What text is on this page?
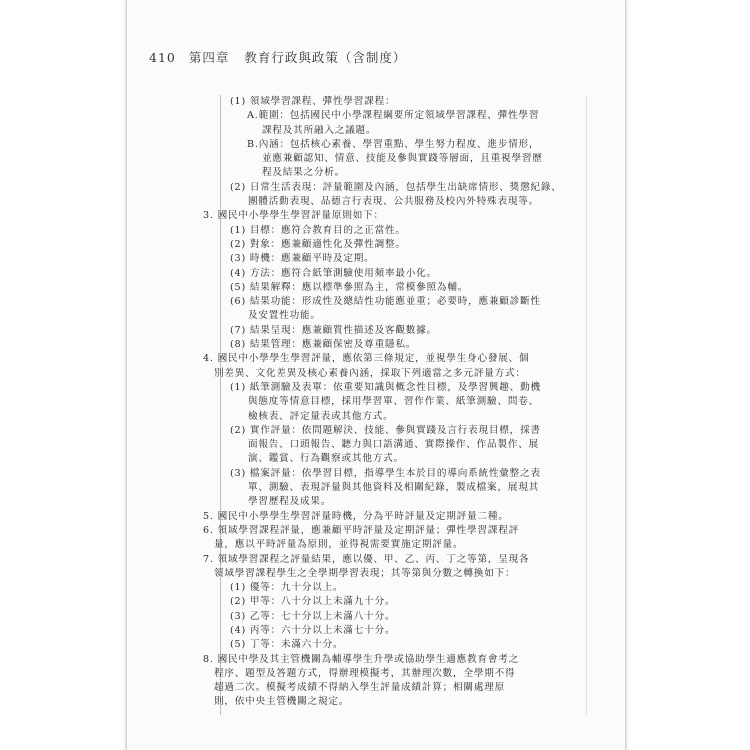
410 第四章 教育行政與政策（含制度）
(1) 領域學習課程、彈性學習課程：
A.範圍：包括國民中小學課程綱要所定領域學習課程、彈性學習
課程及其所融入之議題。
B.內涵：包括核心素養、學習重點、學生努力程度、進步情形，
並應兼顧認知、情意、技能及參與實踐等層面，且重視學習歷
程及結果之分析。
(2) 日常生活表現：評量範圍及內涵，包括學生出缺席情形、獎懲紀錄、
團體活動表現、品德言行表現、公共服務及校內外特殊表現等。
3. 國民中小學學生學習評量原則如下：
(1) 目標：應符合教育目的之正當性。
(2) 對象：應兼顧適性化及彈性調整。
(3) 時機：應兼顧平時及定期。
(4) 方法：應符合紙筆測驗使用頻率最小化。
(5) 結果解釋：應以標準參照為主，常模參照為輔。
(6) 結果功能：形成性及總結性功能應並重；必要時，應兼顧診斷性
及安置性功能。
(7) 結果呈現：應兼顧質性描述及客觀數據。
(8) 結果管理：應兼顧保密及尊重隱私。
4. 國民中小學學生學習評量，應依第三條規定，並視學生身心發展、個
別差異、文化差異及核心素養內涵，採取下列適當之多元評量方式：
(1) 紙筆測驗及表單：依重要知識與概念性目標，及學習興趣、動機
與態度等情意目標，採用學習單、習作作業、紙筆測驗、問卷、
檢核表、評定量表或其他方式。
(2) 實作評量：依問題解決、技能、參與實踐及言行表現目標，採書
面報告、口頭報告、聽力與口語溝通、實際操作、作品製作、展
演、鑑賞、行為觀察或其他方式。
(3) 檔案評量：依學習目標，指導學生本於目的導向系統性彙整之表
單、測驗、表現評量與其他資料及相關紀錄，製成檔案，展現其
學習歷程及成果。
5. 國民中小學學生學習評量時機，分為平時評量及定期評量二種。
6. 領域學習課程評量，應兼顧平時評量及定期評量；彈性學習課程評
量，應以平時評量為原則，並得視需要實施定期評量。
7. 領域學習課程之評量結果，應以優、甲、乙、丙、丁之等第，呈現各
領域學習課程學生之全學期學習表現；其等第與分數之轉換如下：
(1) 優等：九十分以上。
(2) 甲等：八十分以上未滿九十分。
(3) 乙等：七十分以上未滿八十分。
(4) 丙等：六十分以上未滿七十分。
(5) 丁等：未滿六十分。
8. 國民中學及其主管機關為輔導學生升學或協助學生適應教育會考之
程序、題型及答題方式，得辦理模擬考，其辦理次數，全學期不得
超過二次。模擬考成績不得納入學生評量成績計算；相關處理原
則，依中央主管機關之規定。
